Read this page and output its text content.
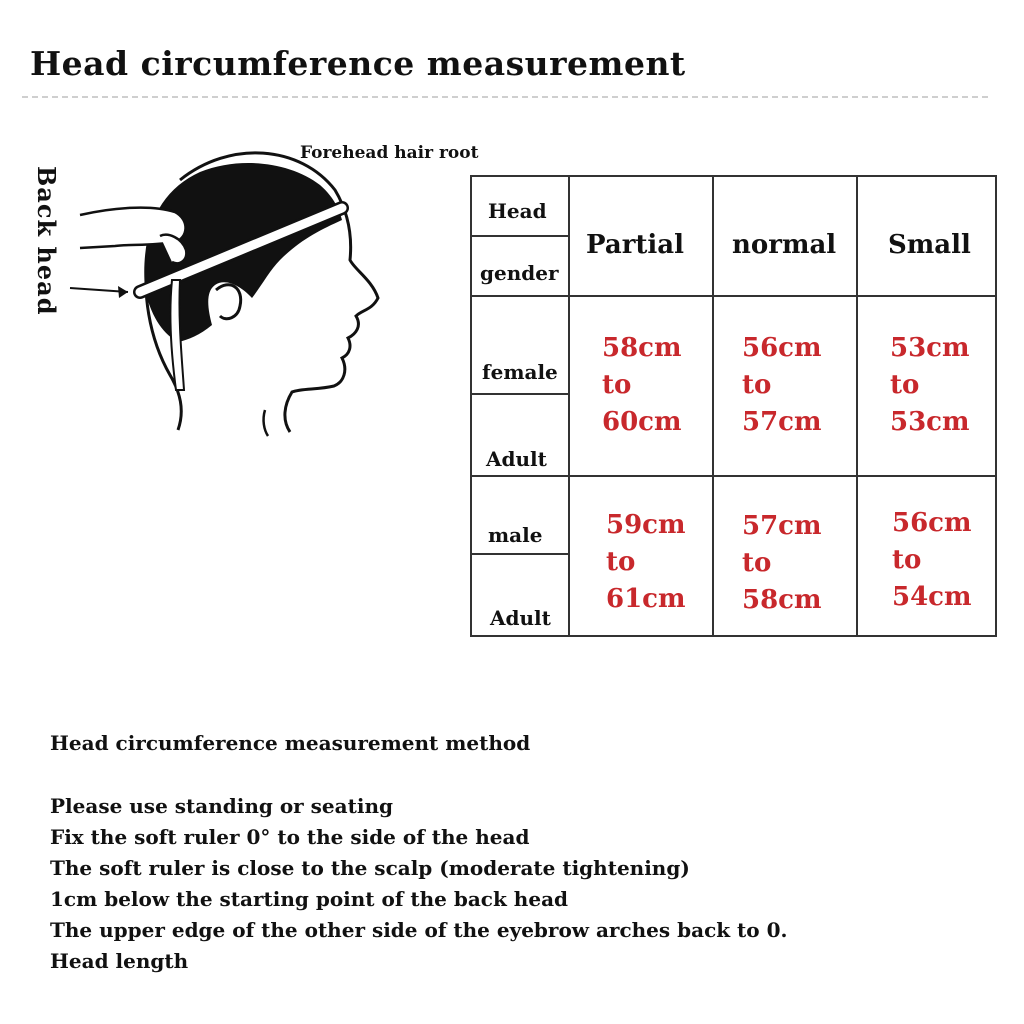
Head circumference measurement
Forehead hair root
Back head	Head
gender
Partial normal Small
female
Adult
58cm
to
60cm
56cm
to
57cm
53cm
to
53cm
male
Adult
59cm
to
61cm
57cm
to
58cm
56cm
to
54cm
Head circumference measurement method
Please use standing or seating
Fix the soft ruler 0° to the side of the head
The soft ruler is close to the scalp (moderate tightening)
1cm below the starting point of the back head
The upper edge of the other side of the eyebrow arches back to 0.
Head length
